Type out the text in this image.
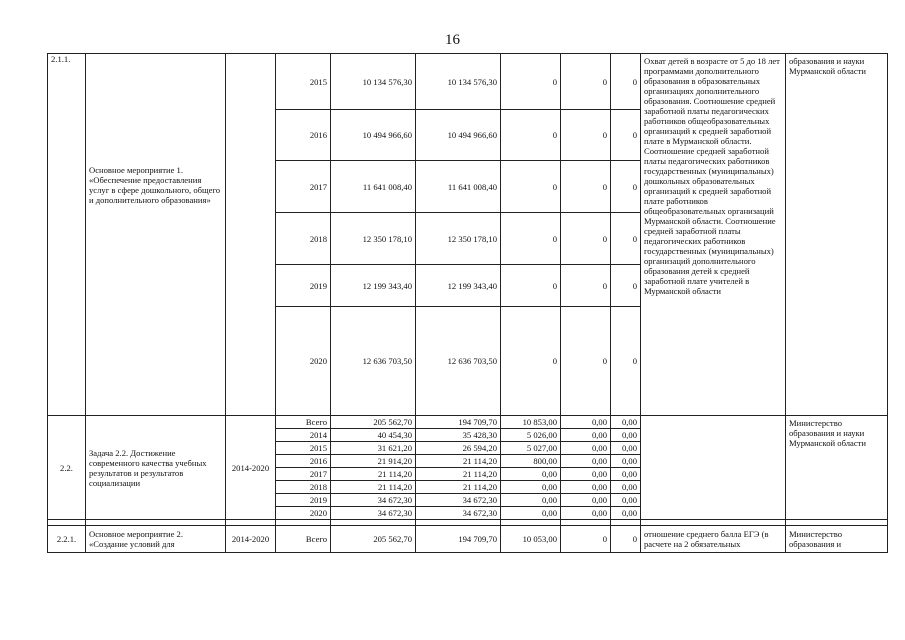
16
2.1.1.	Основное мероприятие 1. «Обеспечение предоставления услуг в сфере дошкольного, общего и дополнительного образования»		2015	10 134 576,30	10 134 576,30	0	0	0	Охват детей в возрасте от 5 до 18 лет программами дополнительного образования в образовательных организациях дополнительного образования. Соотношение средней заработной платы педагогических работников общеобразовательных организаций к средней заработной плате в Мурманской области. Соотношение средней заработной платы педагогических работников государственных (муниципальных) дошкольных образовательных организаций к средней заработной плате работников общеобразовательных организаций Мурманской области. Соотношение средней заработной платы педагогических работников государственных (муниципальных) организаций дополнительного образования детей к средней заработной плате учителей в Мурманской области	образования и науки Мурманской области
			2016	10 494 966,60	10 494 966,60	0	0	0		
			2017	11 641 008,40	11 641 008,40	0	0	0		
			2018	12 350 178,10	12 350 178,10	0	0	0		
			2019	12 199 343,40	12 199 343,40	0	0	0		
			2020	12 636 703,50	12 636 703,50	0	0	0		
2.2.	Задача 2.2. Достижение современного качества учебных результатов и результатов социализации	2014-2020	Всего	205 562,70	194 709,70	10 853,00	0,00	0,00		Министерство образования и науки Мурманской области
			2014	40 454,30	35 428,30	5 026,00	0,00	0,00		
			2015	31 621,20	26 594,20	5 027,00	0,00	0,00		
			2016	21 914,20	21 114,20	800,00	0,00	0,00		
			2017	21 114,20	21 114,20	0,00	0,00	0,00		
			2018	21 114,20	21 114,20	0,00	0,00	0,00		
			2019	34 672,30	34 672,30	0,00	0,00	0,00		
			2020	34 672,30	34 672,30	0,00	0,00	0,00		

2.2.1.	Основное мероприятие 2. «Создание условий для	2014-2020	Всего	205 562,70	194 709,70	10 053,00	0	0	отношение среднего балла ЕГЭ (в расчете на 2 обязательных	Министерство образования и
